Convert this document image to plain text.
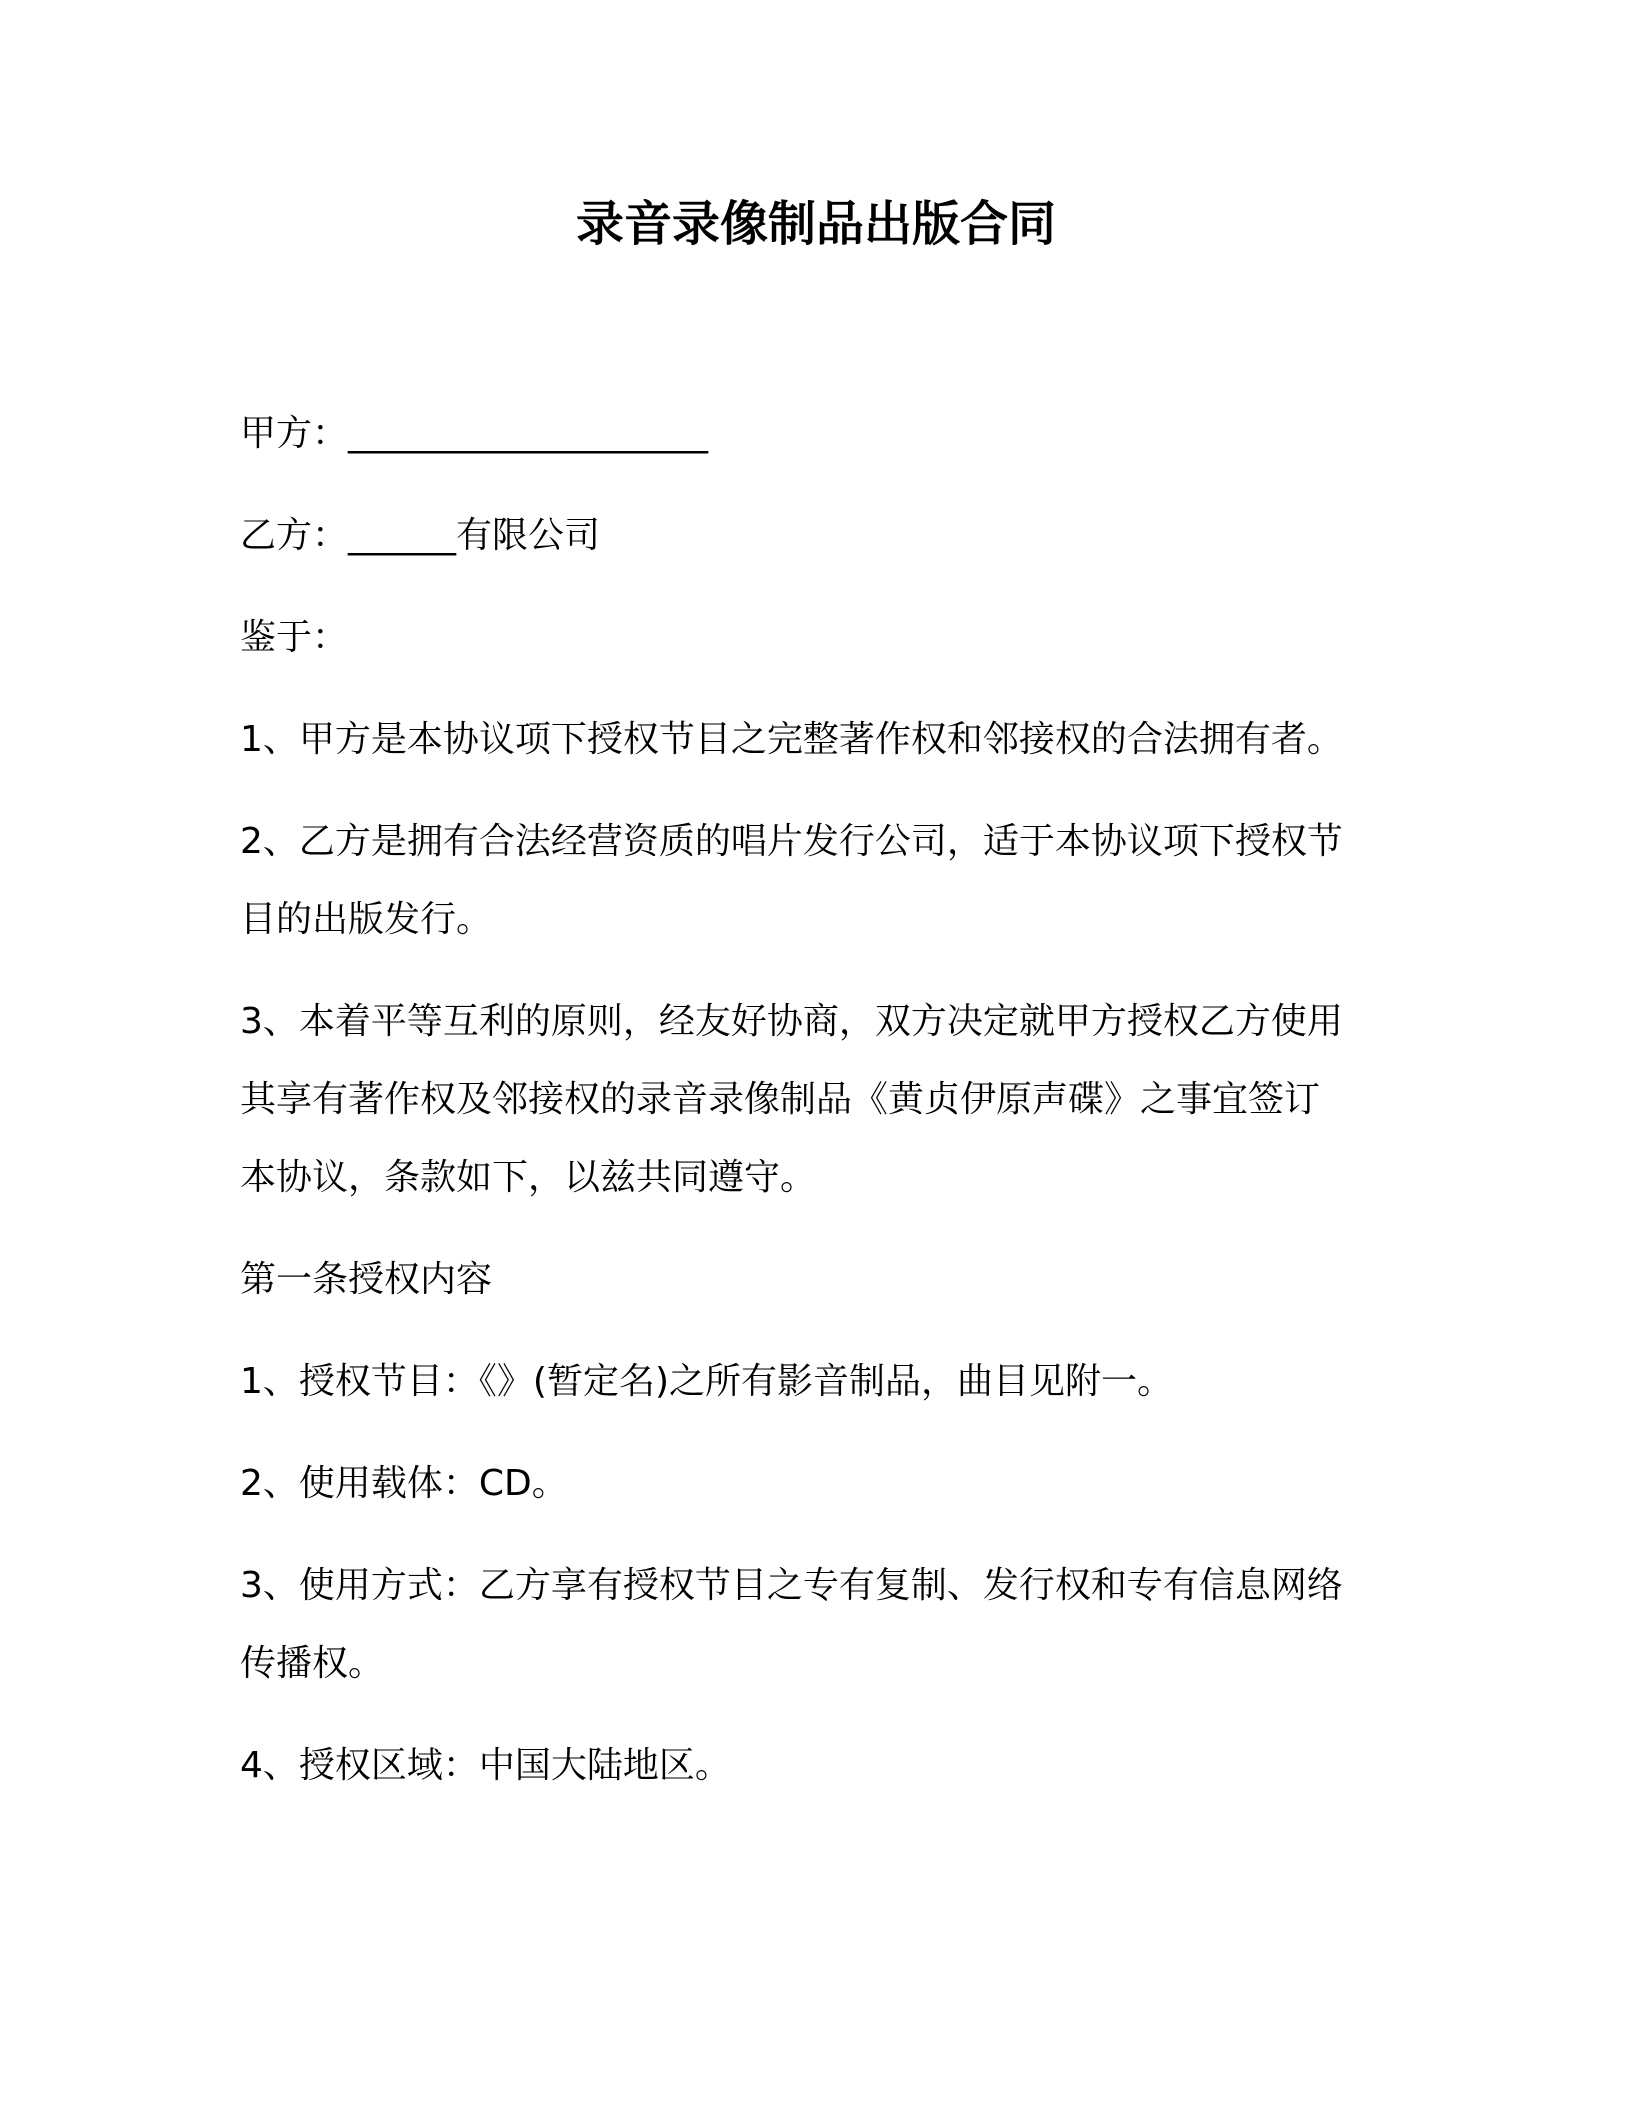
录音录像制品出版合同
甲方：____________________
乙方：______有限公司
鉴于：
1、甲方是本协议项下授权节目之完整著作权和邻接权的合法拥有者。
2、乙方是拥有合法经营资质的唱片发行公司，适于本协议项下授权节
目的出版发行。
3、本着平等互利的原则，经友好协商，双方决定就甲方授权乙方使用
其享有著作权及邻接权的录音录像制品《黄贞伊原声碟》之事宜签订
本协议，条款如下，以兹共同遵守。
第一条授权内容
1、授权节目：《》(暂定名)之所有影音制品，曲目见附一。
2、使用载体：CD。
3、使用方式：乙方享有授权节目之专有复制、发行权和专有信息网络
传播权。
4、授权区域：中国大陆地区。
